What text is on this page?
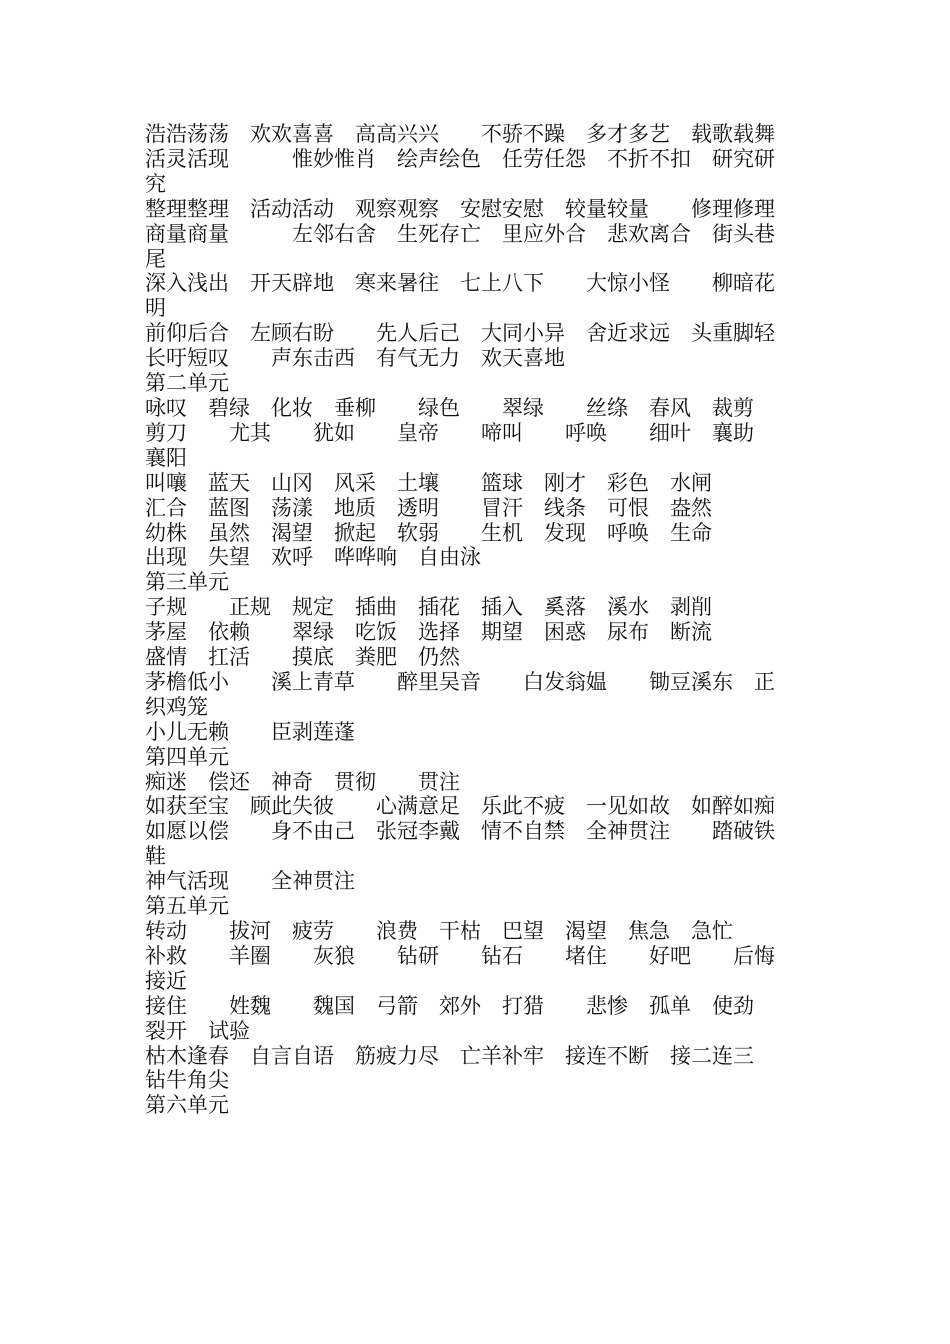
浩浩荡荡　欢欢喜喜　高高兴兴　　不骄不躁　多才多艺　载歌载舞

活灵活现　　　惟妙惟肖　绘声绘色　任劳任怨　不折不扣　研究研究

整理整理　活动活动　观察观察　安慰安慰　较量较量　　修理修理

商量商量　　　左邻右舍　生死存亡　里应外合　悲欢离合　街头巷尾

深入浅出　开天辟地　寒来暑往　七上八下　　大惊小怪　　柳暗花明

前仰后合　左顾右盼　　先人后己　大同小异　舍近求远　头重脚轻

长吁短叹　　声东击西　有气无力　欢天喜地

第二单元

咏叹　碧绿　化妆　垂柳　　绿色　　翠绿　　丝绦　春风　裁剪　剪刀　　尤其　　犹如　　皇帝　　啼叫　　呼唤　　细叶　襄助　襄阳

叫嚷　蓝天　山冈　风采　土壤　　篮球　刚才　彩色　水闸

汇合　蓝图　荡漾　地质　透明　　冒汗　线条　可恨　盎然

幼株　虽然　渴望　掀起　软弱　　生机　发现　呼唤　生命

出现　失望　欢呼　哗哗响　自由泳

第三单元

子规　　正规　规定　插曲　插花　插入　奚落　溪水　剥削

茅屋　依赖　　翠绿　吃饭　选择　期望　困惑　尿布　断流

盛情　扛活　　摸底　粪肥　仍然

茅檐低小　　溪上青草　　醉里吴音　　白发翁媪　　锄豆溪东　正织鸡笼

小儿无赖　　臣剥莲蓬

第四单元

痴迷　偿还　神奇　贯彻　　贯注

如获至宝　顾此失彼　　心满意足　乐此不疲　一见如故　如醉如痴

如愿以偿　　身不由己　张冠李戴　情不自禁　全神贯注　　踏破铁鞋

神气活现　　全神贯注

第五单元

转动　　拔河　疲劳　　浪费　干枯　巴望　渴望　焦急　急忙

补救　　羊圈　　灰狼　　钻研　　钻石　　堵住　　好吧　　后悔　　接近

接住　　姓魏　　魏国　弓箭　郊外　打猎　　悲惨　孤单　使劲　裂开　试验

枯木逢春　自言自语　筋疲力尽　亡羊补牢　接连不断　接二连三　钻牛角尖

第六单元
